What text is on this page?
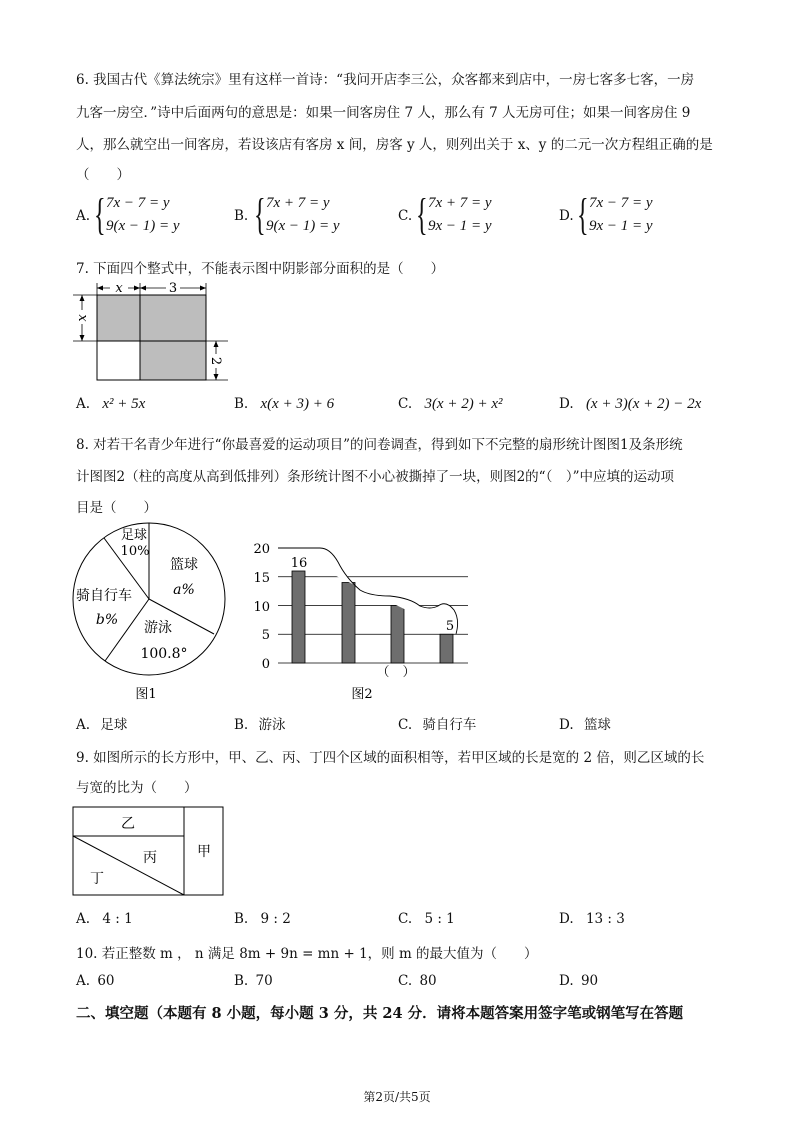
6. 我国古代《算法统宗》里有这样一首诗：“我问开店李三公，众客都来到店中，一房七客多七客，一房
九客一房空．”诗中后面两句的意思是：如果一间客房住 7 人，那么有 7 人无房可住；如果一间客房住 9
人，那么就空出一间客房，若设该店有客房 x 间，房客 y 人，则列出关于 x、y 的二元一次方程组正确的是
（　　）
A. { 7x − 7 = y
9(x − 1) = y
B. { 7x + 7 = y
9(x − 1) = y
C. { 7x + 7 = y
9x − 1 = y
D. { 7x − 7 = y
9x − 1 = y
7. 下面四个整式中，不能表示图中阴影部分面积的是（　　）
x	3
x
2
A. x² + 5x	B. x(x + 3) + 6	C. 3(x + 2) + x²	D. (x + 3)(x + 2) − 2x
8. 对若干名青少年进行“你最喜爱的运动项目”的问卷调查，得到如下不完整的扇形统计图图1及条形统
计图图2（柱的高度从高到低排列）条形统计图不小心被撕掉了一块，则图2的“（　）”中应填的运动项
目是（　　）
足球
10%
篮球
a%
骑自行车
b% 游泳
100.8°
图1
20
15
10
5
0
16
5
（　）
图2
A. 足球	B. 游泳	C. 骑自行车	D. 篮球
9. 如图所示的长方形中，甲、乙、丙、丁四个区域的面积相等，若甲区域的长是宽的 2 倍，则乙区域的长
与宽的比为（　　）
乙
丙
丁
甲
A. 4 : 1	B. 9 : 2	C. 5 : 1	D. 13 : 3
10. 若正整数 m ， n 满足 8m + 9n = mn + 1，则 m 的最大值为（　　）
A. 60	B. 70	C. 80	D. 90
二、填空题（本题有 8 小题，每小题 3 分，共 24 分．请将本题答案用签字笔或钢笔写在答题
第2页/共5页
